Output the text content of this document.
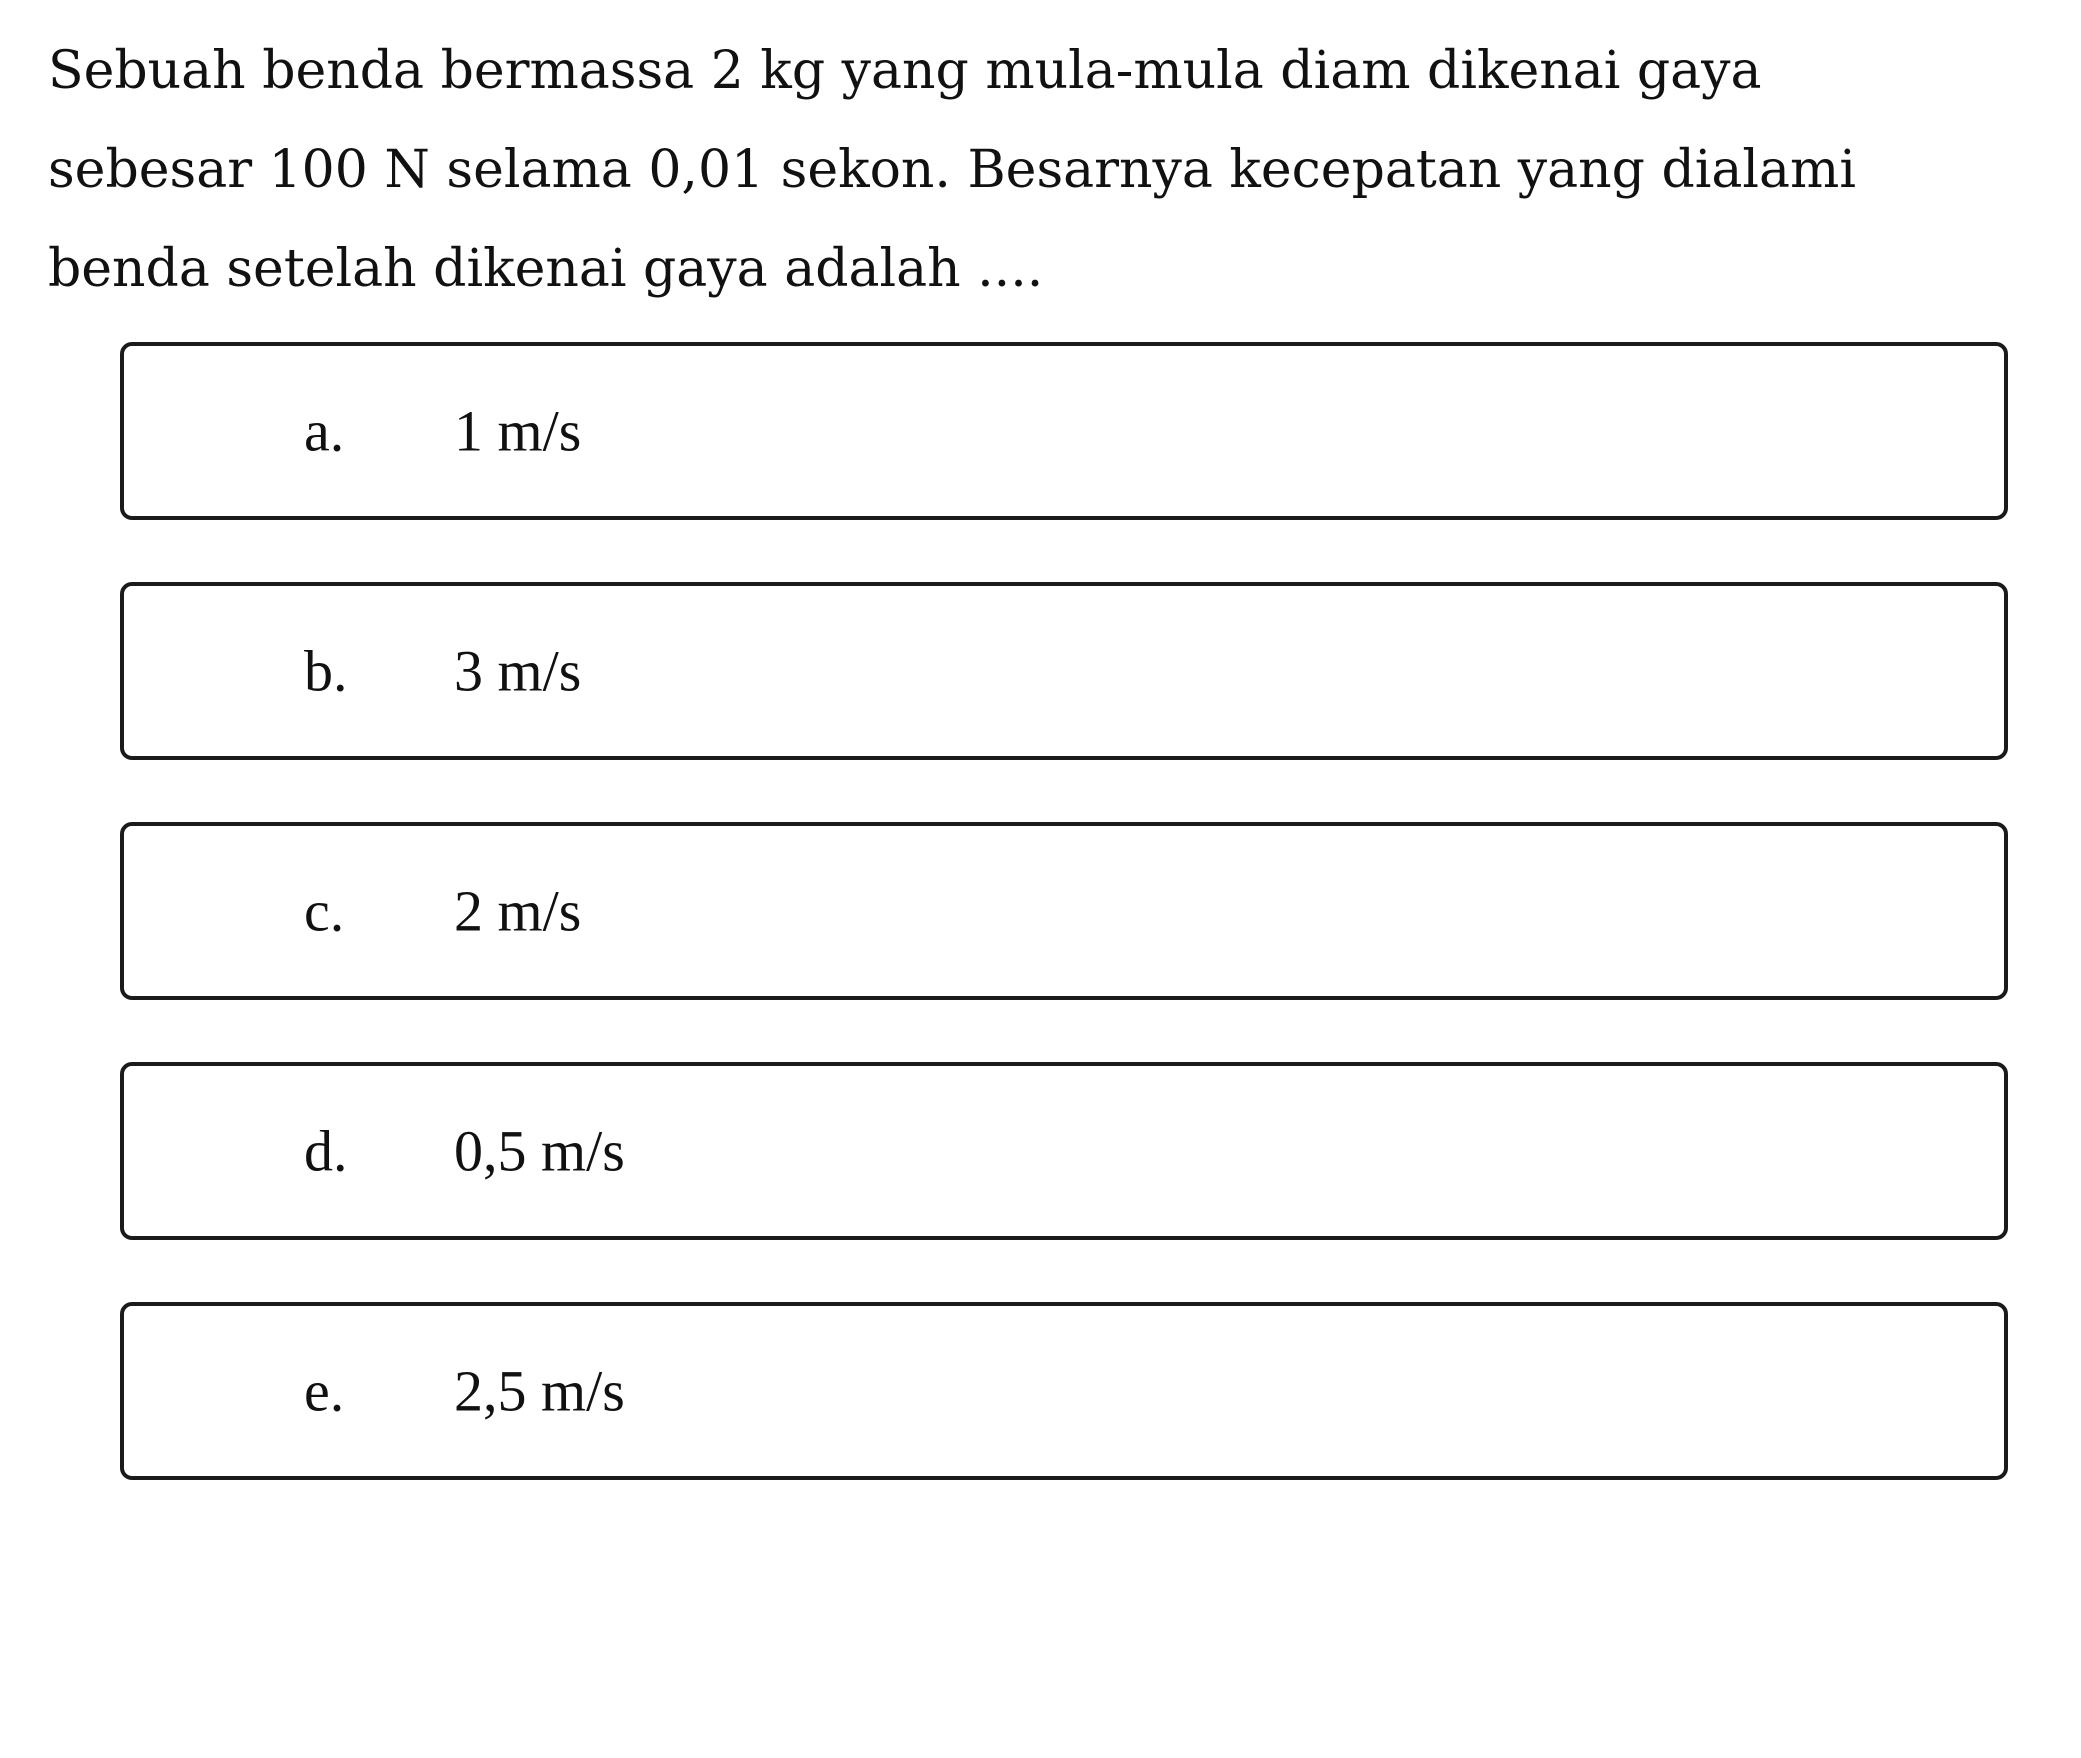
Sebuah benda bermassa 2 kg yang mula-mula diam dikenai gaya sebesar 100 N selama 0,01 sekon. Besarnya kecepatan yang dialami benda setelah dikenai gaya adalah ....

a. 1 m/s
b. 3 m/s
c. 2 m/s
d. 0,5 m/s
e. 2,5 m/s
